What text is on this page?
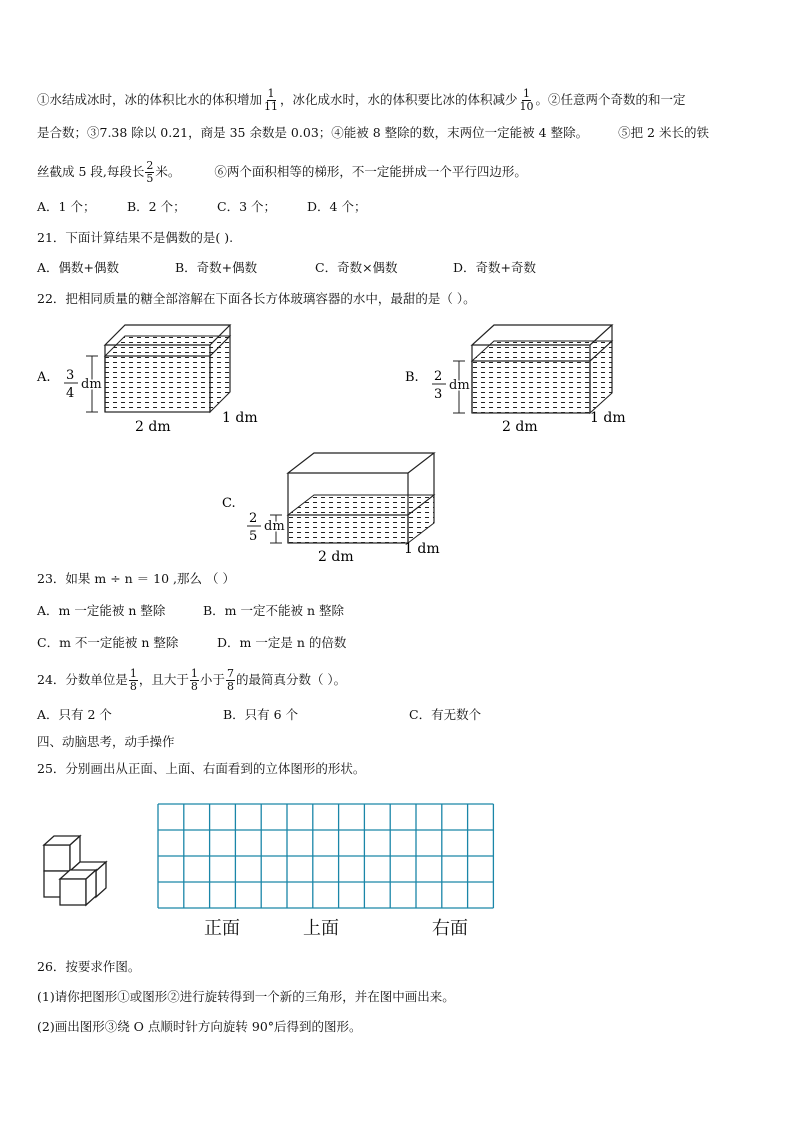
①水结成冰时，冰的体积比水的体积增加 $\frac{1}{11}$ ，冰化成水时，水的体积要比冰的体积减少 $\frac{1}{10}$ 。②任意两个奇数的和一定
是合数；③7.38 除以 0.21，商是 35 余数是 0.03；④能被 8 整除的数，末两位一定能被 4 整除。 ⑤把 2 米长的铁
丝截成 5 段,每段长 $\frac{2}{5}$ 米。	⑥两个面积相等的梯形，不一定能拼成一个平行四边形。
A．1 个；	B．2 个；	C．3 个； D．4 个；
21．下面计算结果不是偶数的是( ).
A．偶数+偶数	B．奇数+偶数	C．奇数×偶数	D．奇数+奇数
22．把相同质量的糖全部溶解在下面各长方体玻璃容器的水中，最甜的是（ ）。
A. 3
4
dm
2 dm
1 dm
B. 2
3
dm
2 dm
1 dm
C.
2
5
dm
2 dm	1 dm
23．如果 m ÷ n ＝ 10 ,那么 （ ）
A．m 一定能被 n 整除	B．m 一定不能被 n 整除
C．m 不一定能被 n 整除	D．m 一定是 n 的倍数
24．分数单位是 $\frac{1}{8}$ ，且大于 $\frac{1}{8}$ 小于 $\frac{7}{8}$ 的最简真分数（ ）。
A．只有 2 个	B．只有 6 个	C．有无数个
四、动脑思考，动手操作
25．分别画出从正面、上面、右面看到的立体图形的形状。
正面	上面	右面
26．按要求作图。
(1)请你把图形①或图形②进行旋转得到一个新的三角形，并在图中画出来。
(2)画出图形③绕 O 点顺时针方向旋转 90°后得到的图形。
